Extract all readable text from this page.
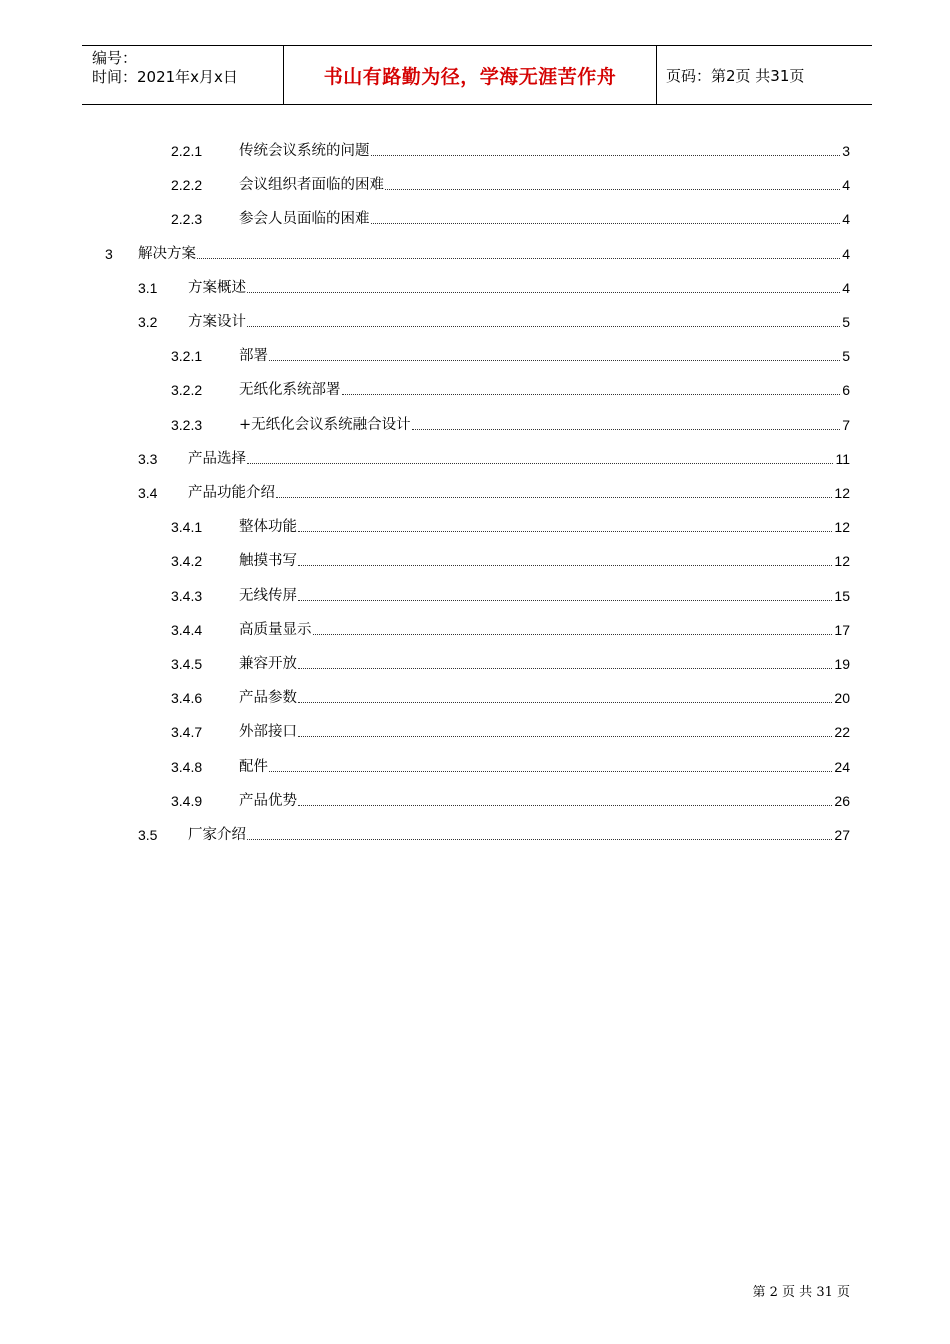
编号：
时间：2021年x月x日	书山有路勤为径，学海无涯苦作舟	页码：第2页 共31页
2.2.1	传统会议系统的问题	3
2.2.2	会议组织者面临的困难	4
2.2.3	参会人员面临的困难	4
3 解决方案	4
3.1 方案概述	4
3.2 方案设计	5
3.2.1	部署	5
3.2.2	无纸化系统部署	6
3.2.3	+无纸化会议系统融合设计	7
3.3 产品选择	11
3.4 产品功能介绍	12
3.4.1	整体功能	12
3.4.2	触摸书写	12
3.4.3	无线传屏	15
3.4.4	高质量显示	17
3.4.5	兼容开放	19
3.4.6	产品参数	20
3.4.7	外部接口	22
3.4.8	配件	24
3.4.9	产品优势	26
3.5 厂家介绍	27
第 2 页 共 31 页
